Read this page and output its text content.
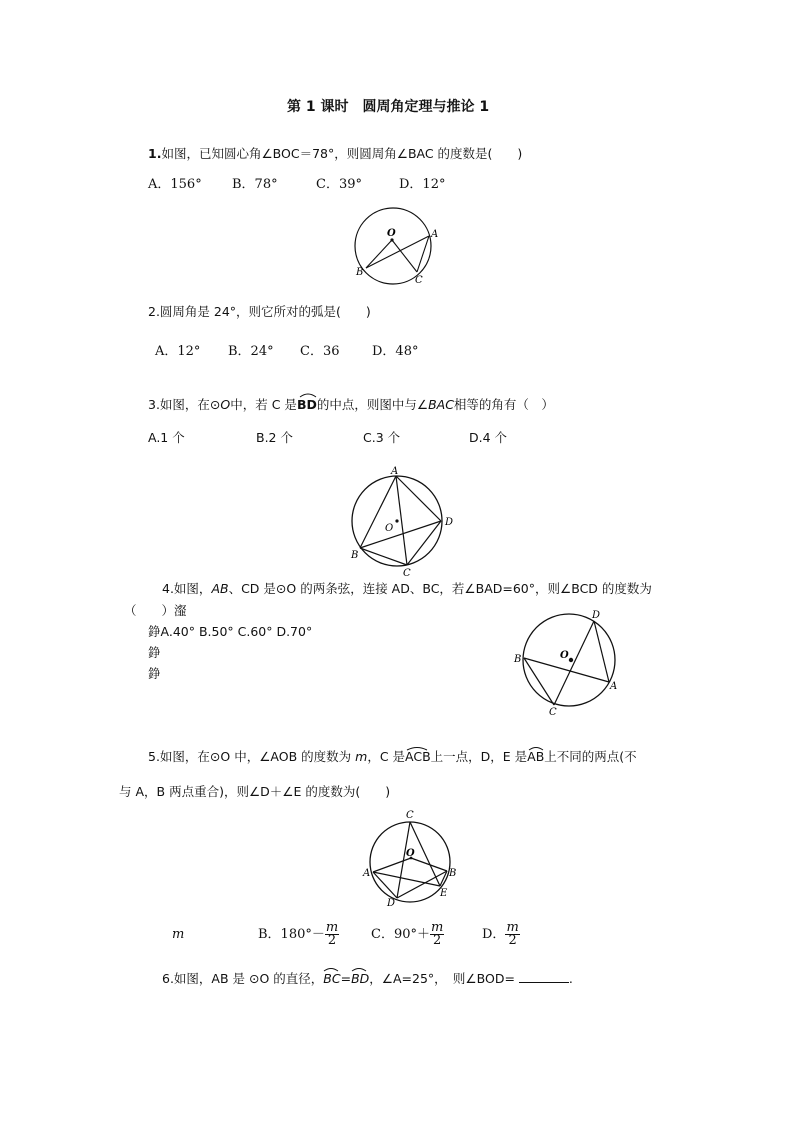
第 1 课时　圆周角定理与推论 1
1.如图，已知圆心角∠BOC＝78°，则圆周角∠BAC 的度数是(　　)
A．156° B．78°	C．39°	D．12°
O	A
B
C
2.圆周角是 24°，则它所对的弧是(　　)
A．12° B．24° C．36	D．48°
3.如图，在⊙O中，若 C 是
BD的中点，则图中与∠BAC相等的角有（　）
A.1 个	B.2 个	C.3 个	D.4 个
A
O
D
B
C
4.如图，AB、CD 是⊙O 的两条弦，连接 AD、BC，若∠BAD=60°，则∠BCD 的度数为
（　　）瀣
錚A.40° B.50° C.60° D.70°
錚
錚
D
O
B
A
C
5.如图，在⊙O 中，∠AOB 的度数为 m，C 是
ACB上一点，D，E 是
AB上不同的两点(不
与 A，B 两点重合)，则∠D＋∠E 的度数为(　　)
C
O
A	B
E
D
m	B．$180^\circ- \frac{m}{2}$ C．$90^\circ+ \frac{m}{2}$	D． $\frac{m}{2}$
6.如图，AB 是 ⊙O 的直径，
BC=
BD，∠A=25°，　则∠BOD=	.
